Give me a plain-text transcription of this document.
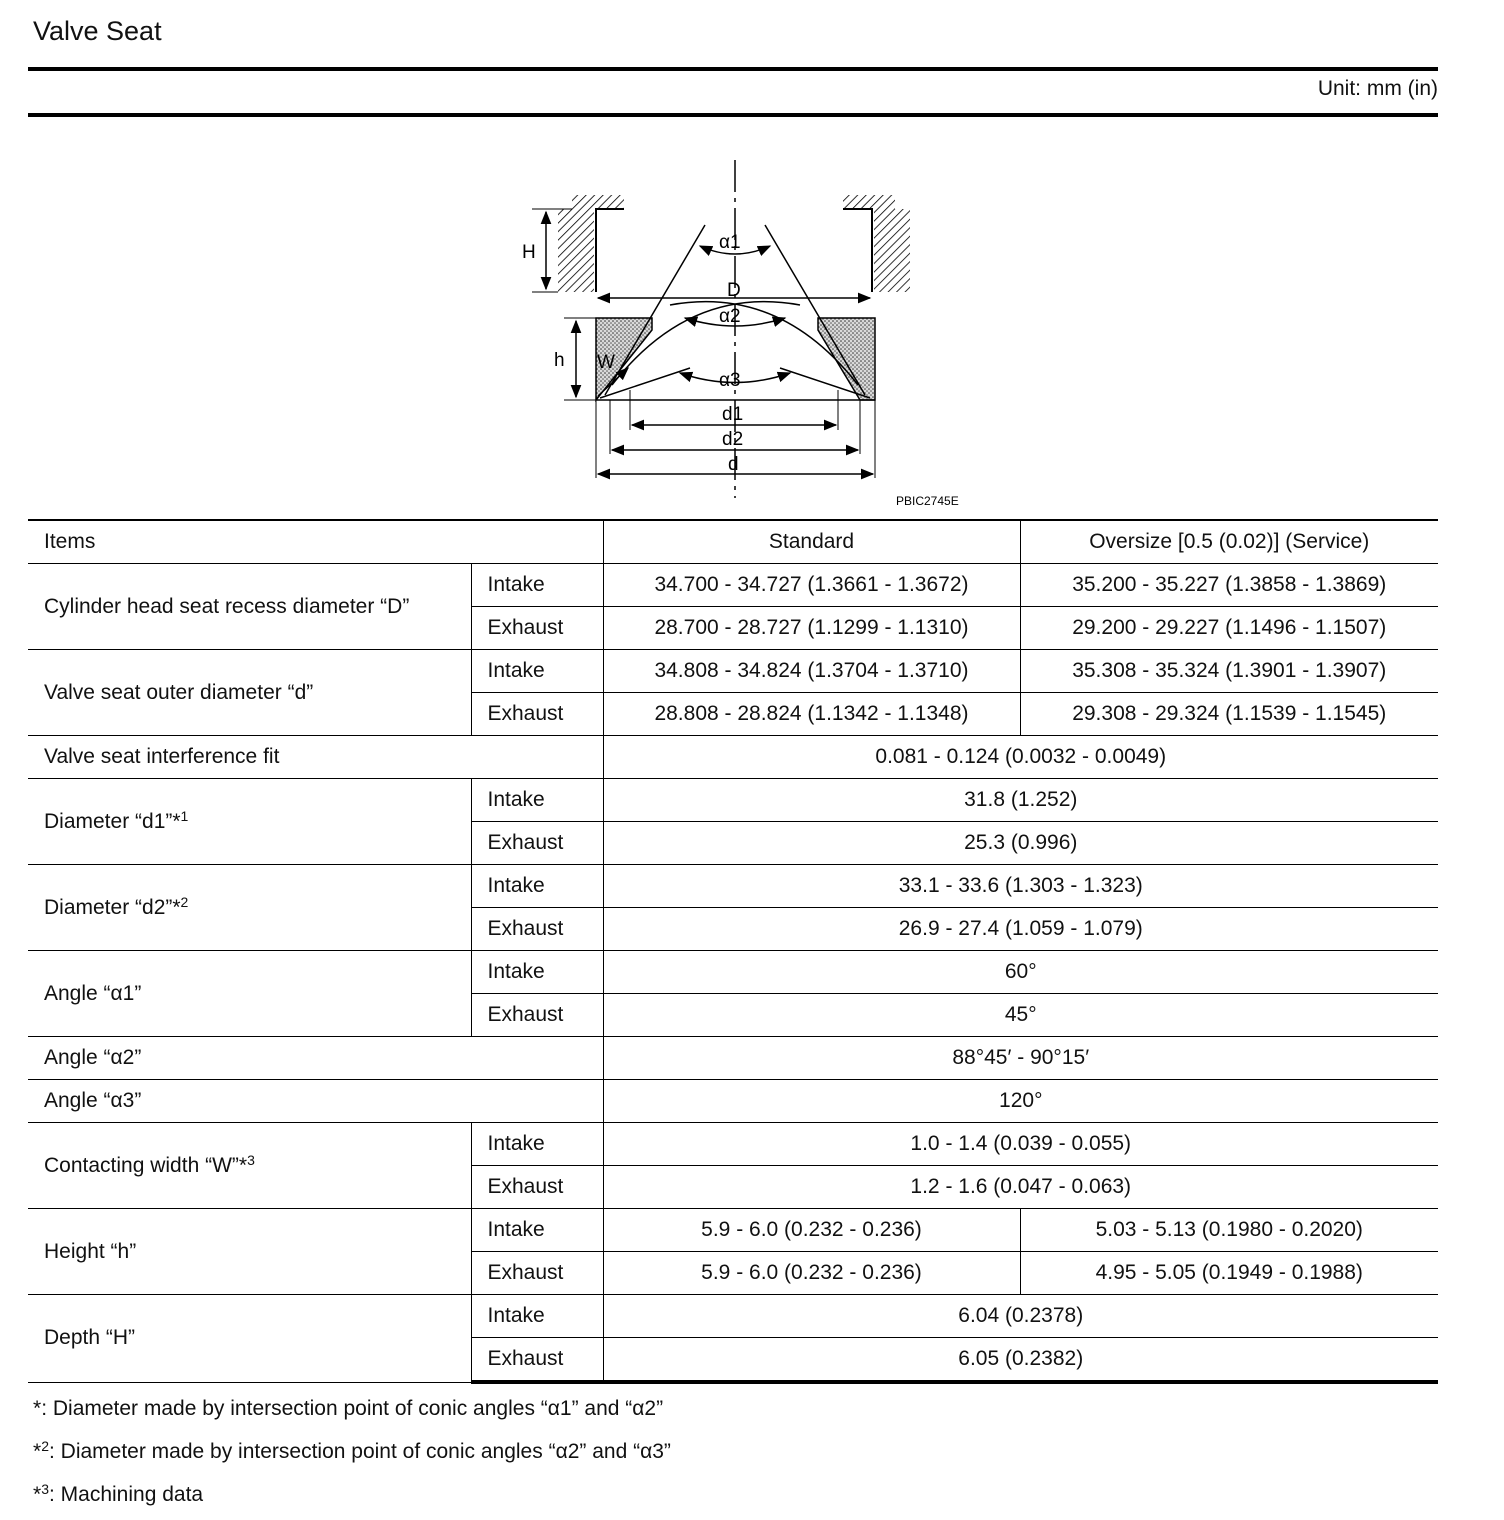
Valve Seat
Unit: mm (in)
H
D
h W
α1
α2
α3
d1
d2
d
PBIC2745E
Items		Standard	Oversize [0.5 (0.02)] (Service)
Cylinder head seat recess diameter “D”	Intake	34.700 - 34.727 (1.3661 - 1.3672)	35.200 - 35.227 (1.3858 - 1.3869)
	Exhaust	28.700 - 28.727 (1.1299 - 1.1310)	29.200 - 29.227 (1.1496 - 1.1507)
Valve seat outer diameter “d”	Intake	34.808 - 34.824 (1.3704 - 1.3710)	35.308 - 35.324 (1.3901 - 1.3907)
	Exhaust	28.808 - 28.824 (1.1342 - 1.1348)	29.308 - 29.324 (1.1539 - 1.1545)
Valve seat interference fit		0.081 - 0.124 (0.0032 - 0.0049)	
Diameter “d1”*$^1$	Intake	31.8 (1.252)	
	Exhaust	25.3 (0.996)	
Diameter “d2”*$^2$	Intake	33.1 - 33.6 (1.303 - 1.323)	
	Exhaust	26.9 - 27.4 (1.059 - 1.079)	
Angle “α1”	Intake	60°	
	Exhaust	45°	
Angle “α2”		88°45′ - 90°15′	
Angle “α3”		120°	
Contacting width “W”*$^3$	Intake	1.0 - 1.4 (0.039 - 0.055)	
	Exhaust	1.2 - 1.6 (0.047 - 0.063)	
Height “h”	Intake	5.9 - 6.0 (0.232 - 0.236)	5.03 - 5.13 (0.1980 - 0.2020)
	Exhaust	5.9 - 6.0 (0.232 - 0.236)	4.95 - 5.05 (0.1949 - 0.1988)
Depth “H”	Intake	6.04 (0.2378)	
	Exhaust	6.05 (0.2382)	
*: Diameter made by intersection point of conic angles “α1” and “α2”
*$^2$: Diameter made by intersection point of conic angles “α2” and “α3”
*$^3$: Machining data
